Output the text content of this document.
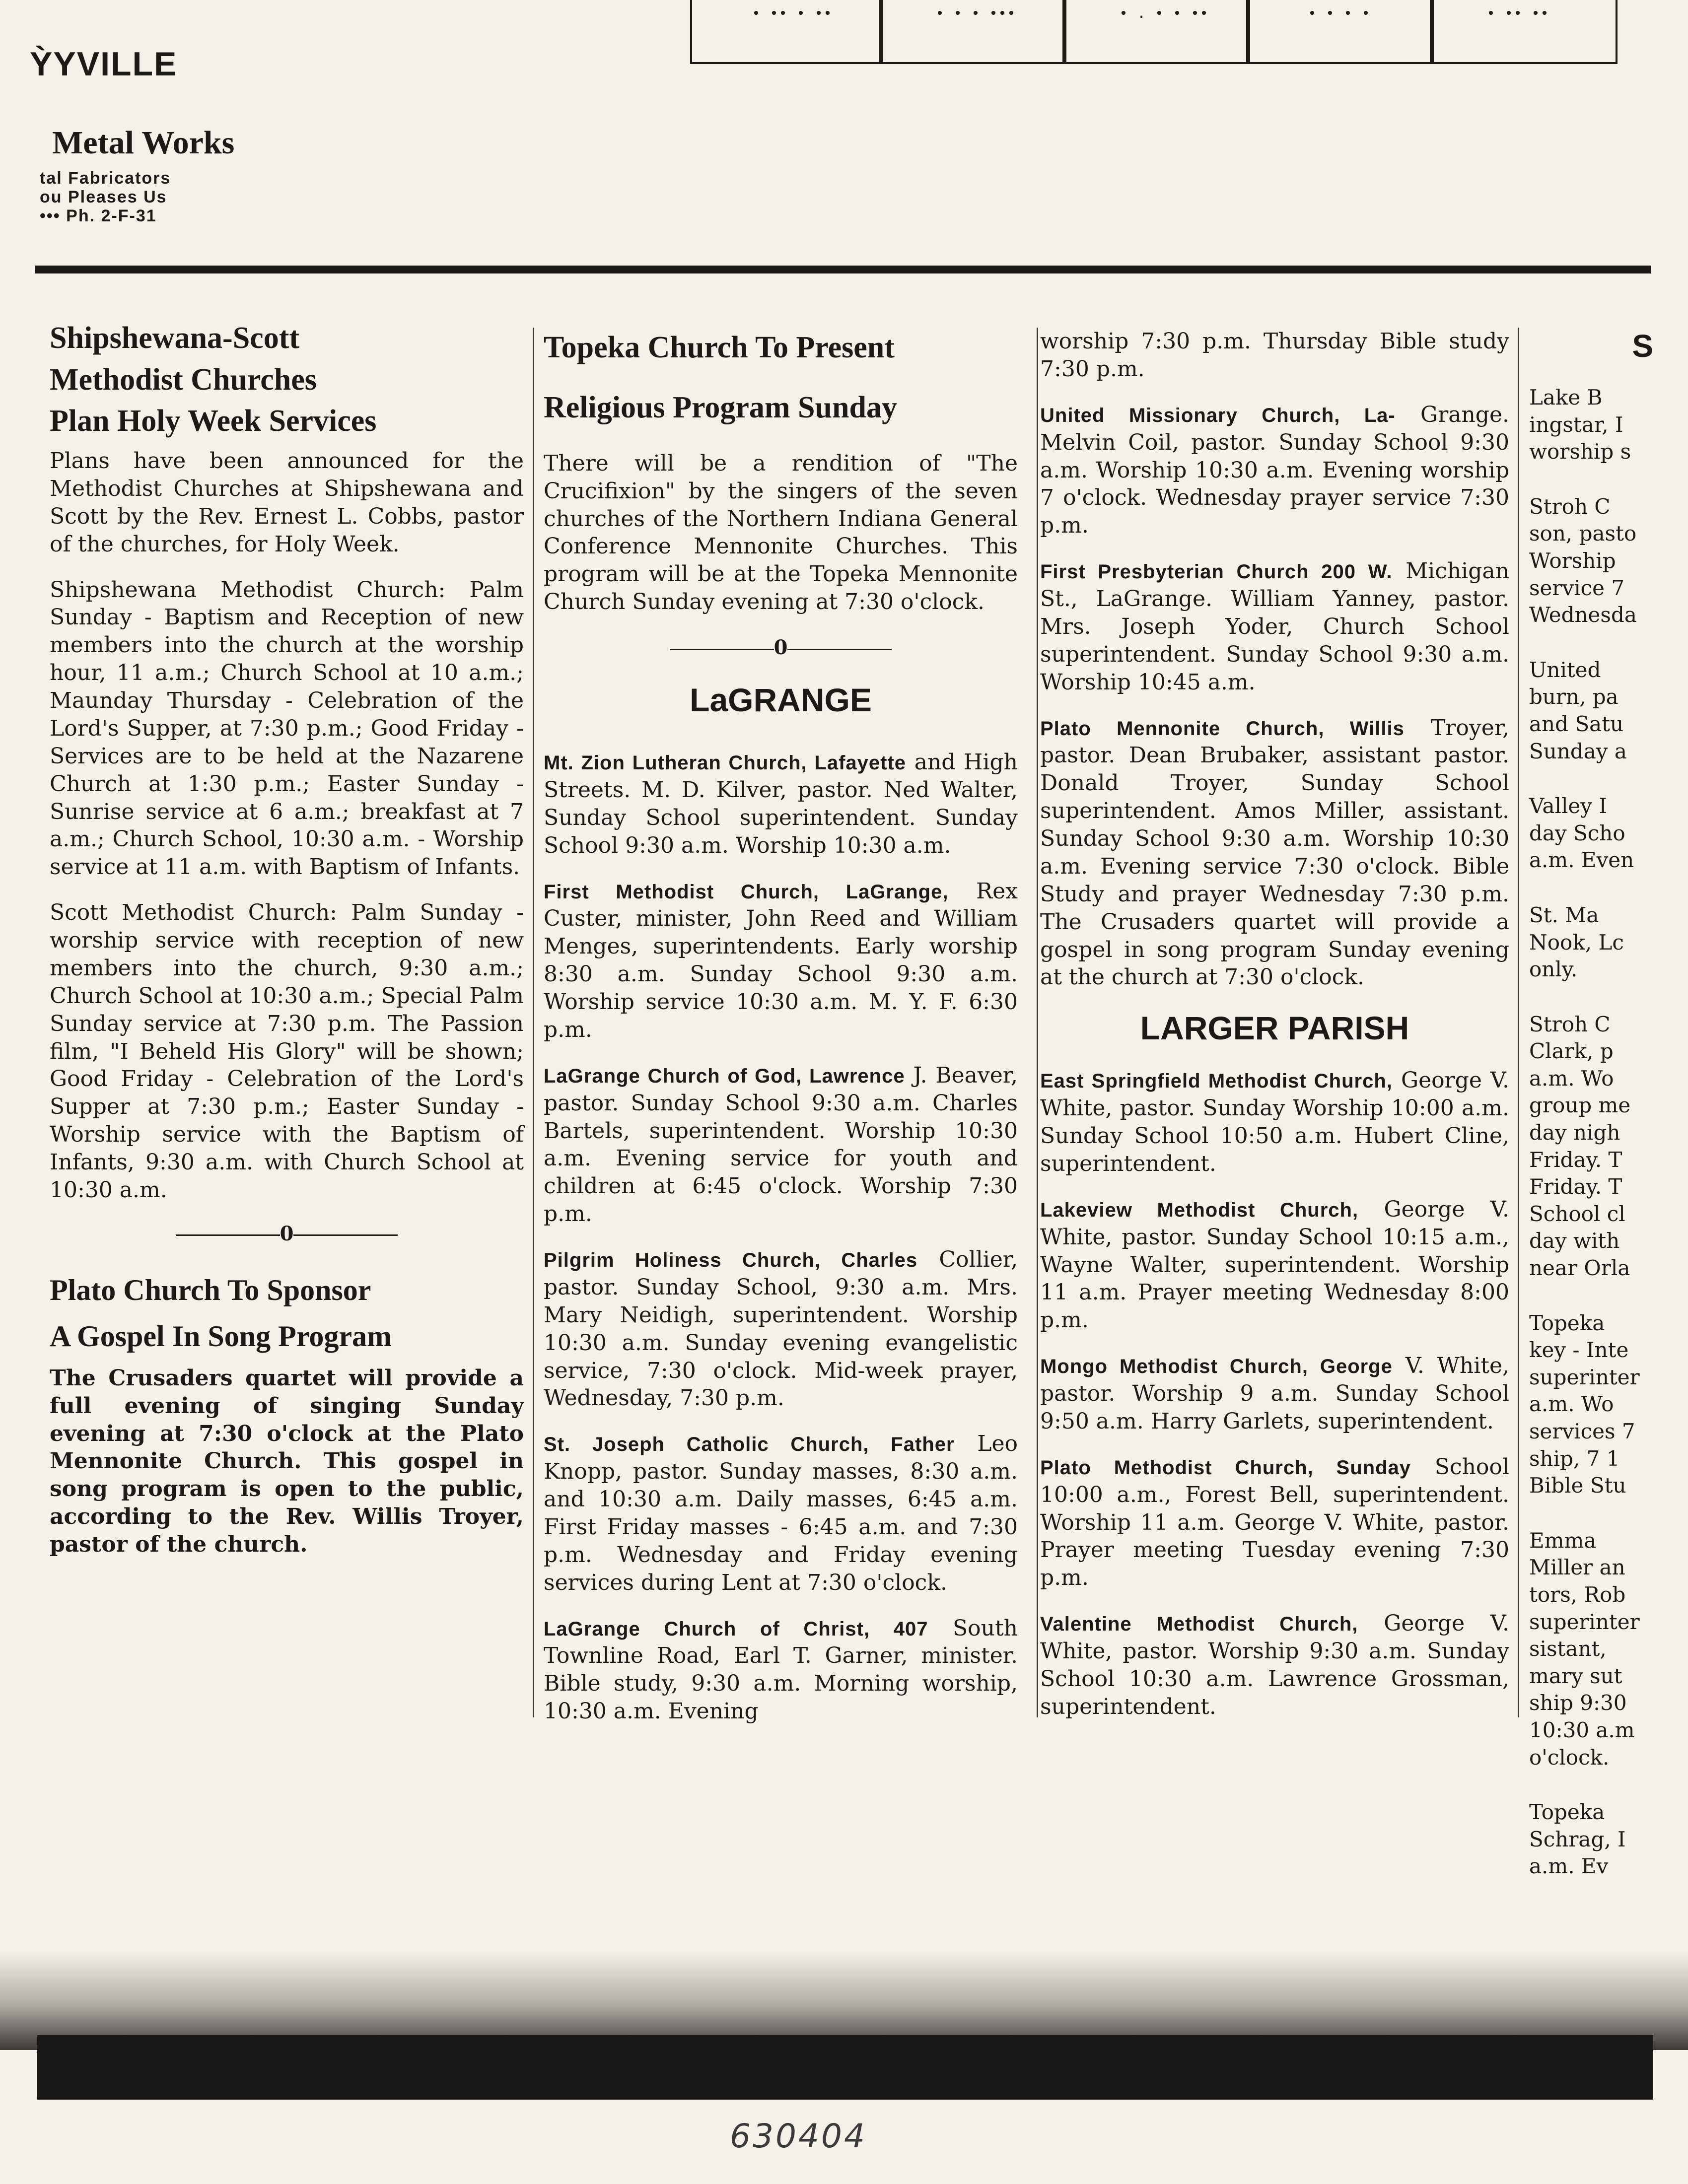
ỲYVILLE
Metal Works
tal Fabricators
ou Pleases Us
••• Ph. 2-F-31
• •• • ••	• • • •••	• . • • ••	• • • •	• •• ••
Shipshewana-Scott
Methodist Churches
Plan Holy Week Services

Plans have been announced for the Methodist Churches at Shipshewana and Scott by the Rev. Ernest L. Cobbs, pastor of the churches, for Holy Week.

Shipshewana Methodist Church: Palm Sunday - Baptism and Reception of new members into the church at the worship hour, 11 a.m.; Church School at 10 a.m.; Maunday Thursday - Celebration of the Lord's Supper, at 7:30 p.m.; Good Friday - Services are to be held at the Nazarene Church at 1:30 p.m.; Easter Sunday - Sunrise service at 6 a.m.; breakfast at 7 a.m.; Church School, 10:30 a.m. - Worship service at 11 a.m. with Baptism of Infants.

Scott Methodist Church: Palm Sunday - worship service with reception of new members into the church, 9:30 a.m.; Church School at 10:30 a.m.; Special Palm Sunday service at 7:30 p.m. The Passion film, "I Beheld His Glory" will be shown; Good Friday - Celebration of the Lord's Supper at 7:30 p.m.; Easter Sunday - Worship service with the Baptism of Infants, 9:30 a.m. with Church School at 10:30 a.m.

0
Plato Church To Sponsor
A Gospel In Song Program

The Crusaders quartet will provide a full evening of singing Sunday evening at 7:30 o'clock at the Plato Mennonite Church. This gospel in song program is open to the public, according to the Rev. Willis Troyer, pastor of the church.

Topeka Church To Present
Religious Program Sunday

There will be a rendition of "The Crucifixion" by the singers of the seven churches of the Northern Indiana General Conference Mennonite Churches. This program will be at the Topeka Mennonite Church Sunday evening at 7:30 o'clock.

0
LaGRANGE

Mt. Zion Lutheran Church, Lafayette and High Streets. M. D. Kilver, pastor. Ned Walter, Sunday School superintendent. Sunday School 9:30 a.m. Worship 10:30 a.m.

First Methodist Church, LaGrange, Rex Custer, minister, John Reed and William Menges, superintendents. Early worship 8:30 a.m. Sunday School 9:30 a.m. Worship service 10:30 a.m. M. Y. F. 6:30 p.m.

LaGrange Church of God, Lawrence J. Beaver, pastor. Sunday School 9:30 a.m. Charles Bartels, superintendent. Worship 10:30 a.m. Evening service for youth and children at 6:45 o'clock. Worship 7:30 p.m.

Pilgrim Holiness Church, Charles Collier, pastor. Sunday School, 9:30 a.m. Mrs. Mary Neidigh, superintendent. Worship 10:30 a.m. Sunday evening evangelistic service, 7:30 o'clock. Mid-week prayer, Wednesday, 7:30 p.m.

St. Joseph Catholic Church, Father Leo Knopp, pastor. Sunday masses, 8:30 a.m. and 10:30 a.m. Daily masses, 6:45 a.m. First Friday masses - 6:45 a.m. and 7:30 p.m. Wednesday and Friday evening services during Lent at 7:30 o'clock.

LaGrange Church of Christ, 407 South Townline Road, Earl T. Garner, minister. Bible study, 9:30 a.m. Morning worship, 10:30 a.m. Evening

worship 7:30 p.m. Thursday Bible study 7:30 p.m.

United Missionary Church, La- Grange. Melvin Coil, pastor. Sunday School 9:30 a.m. Worship 10:30 a.m. Evening worship 7 o'clock. Wednesday prayer service 7:30 p.m.

First Presbyterian Church 200 W. Michigan St., LaGrange. William Yanney, pastor. Mrs. Joseph Yoder, Church School superintendent. Sunday School 9:30 a.m. Worship 10:45 a.m.

Plato Mennonite Church, Willis Troyer, pastor. Dean Brubaker, assistant pastor. Donald Troyer, Sunday School superintendent. Amos Miller, assistant. Sunday School 9:30 a.m. Worship 10:30 a.m. Evening service 7:30 o'clock. Bible Study and prayer Wednesday 7:30 p.m. The Crusaders quartet will provide a gospel in song program Sunday evening at the church at 7:30 o'clock.

LARGER PARISH

East Springfield Methodist Church, George V. White, pastor. Sunday Worship 10:00 a.m. Sunday School 10:50 a.m. Hubert Cline, superintendent.

Lakeview Methodist Church, George V. White, pastor. Sunday School 10:15 a.m., Wayne Walter, superintendent. Worship 11 a.m. Prayer meeting Wednesday 8:00 p.m.

Mongo Methodist Church, George V. White, pastor. Worship 9 a.m. Sunday School 9:50 a.m. Harry Garlets, superintendent.

Plato Methodist Church, Sunday School 10:00 a.m., Forest Bell, superintendent. Worship 11 a.m. George V. White, pastor. Prayer meeting Tuesday evening 7:30 p.m.

Valentine Methodist Church, George V. White, pastor. Worship 9:30 a.m. Sunday School 10:30 a.m. Lawrence Grossman, superintendent.

S

Lake B
ingstar, I
worship s

Stroh C
son, pasto
Worship
service 7
Wednesda

United
burn, pa
and Satu
Sunday a

Valley I
day Scho
a.m. Even

St. Ma
Nook, Lc
only.

Stroh C
Clark, p
a.m. Wo
group me
day nigh
Friday. T
Friday. T
School cl
day with
near Orla

Topeka
key - Inte
superinter
a.m. Wo
services 7
ship, 7 1
Bible Stu

Emma
Miller an
tors, Rob
superinter
sistant,
mary sut
ship 9:30
10:30 a.m
o'clock.

Topeka
Schrag, I
a.m. Ev

630404
